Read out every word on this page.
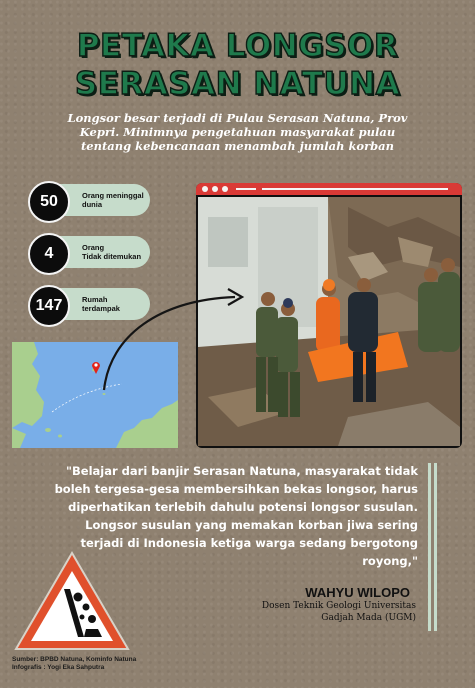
PETAKA LONGSOR
SERASAN NATUNA
Longsor besar terjadi di Pulau Serasan Natuna, Prov Kepri. Minimnya pengetahuan masyarakat pulau tentang kebencanaan menambah jumlah korban
50	Orang meninggal
dunia
4	Orang
Tidak ditemukan
147	Rumah
terdampak
"Belajar dari banjir Serasan Natuna, masyarakat tidak boleh tergesa-gesa membersihkan bekas longsor, harus diperhatikan terlebih dahulu potensi longsor susulan. Longsor susulan yang memakan korban jiwa sering terjadi di Indonesia ketiga warga sedang bergotong royong,"
WAHYU WILOPO
Dosen Teknik Geologi Universitas
Gadjah Mada (UGM)
Sumber: BPBD Natuna, Kominfo Natuna
Infografis : Yogi Eka Sahputra
